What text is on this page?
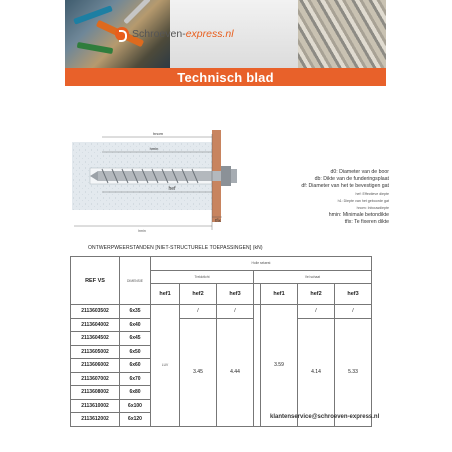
Schroeven-express.nl
Technisch blad
hnom
hmin
hef
tfix
hmin
d0: Diameter van de boor
db: Dikte van de funderingsplaat
df: Diameter van het te bevestigen gat
hef: Effectieve diepte
h1: Diepte van het geboorde gat
hnom: Inbouwdiepte
hmin: Minimale betondikte
tfix: Te fixeren dikte
ONTWERPWEERSTANDEN [NIET-STRUCTURELE TOEPASSINGEN] (kN)
REF VS	DIMENSIE	Holle selaest						
		Trekkrlicht			Vel schaat			
		hef1	hef2	hef3		hef1	hef2	hef3
2113603502	6x35	LUV	/	/		3.59	/	/
2113604002	6x40		3.45	4.44			4.14	5.33
2113604502	6x45							
2113605002	6x50							
2113606002	6x60							
2113607002	6x70							
2113608002	6x80							
2113610002	6x100							
2113612002	6x120								klantenservice@schroeven-express.nl
